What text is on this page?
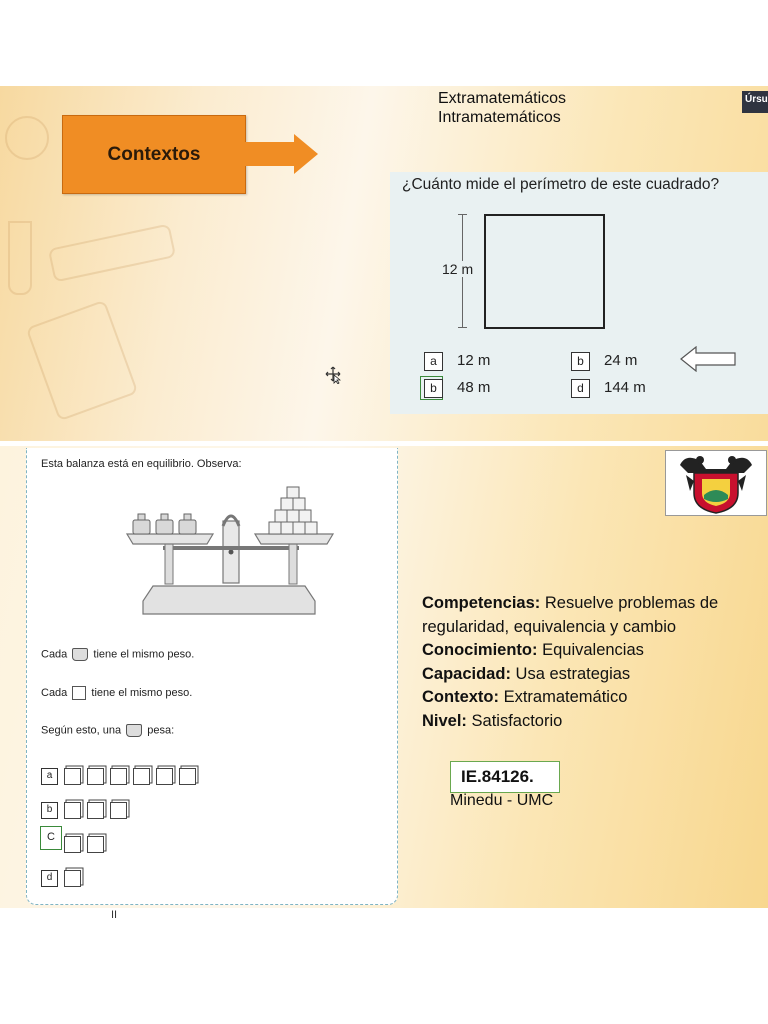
Contextos
Extramatemáticos
Intramatemáticos
Úrsu
¿Cuánto mide el perímetro de este cuadrado?
12 m
a	12 m	b	24 m
b	48 m	d	144 m
Esta balanza está en equilibrio. Observa:
Cada tiene el mismo peso.
Cada tiene el mismo peso.
Según esto, una pesa:
a
b
d
Competencias: Resuelve problemas de regularidad, equivalencia y cambio
Conocimiento: Equivalencias
Capacidad: Usa estrategias
Contexto: Extramatemático
Nivel: Satisfactorio
IE.84126.
Minedu - UMC
C
II
